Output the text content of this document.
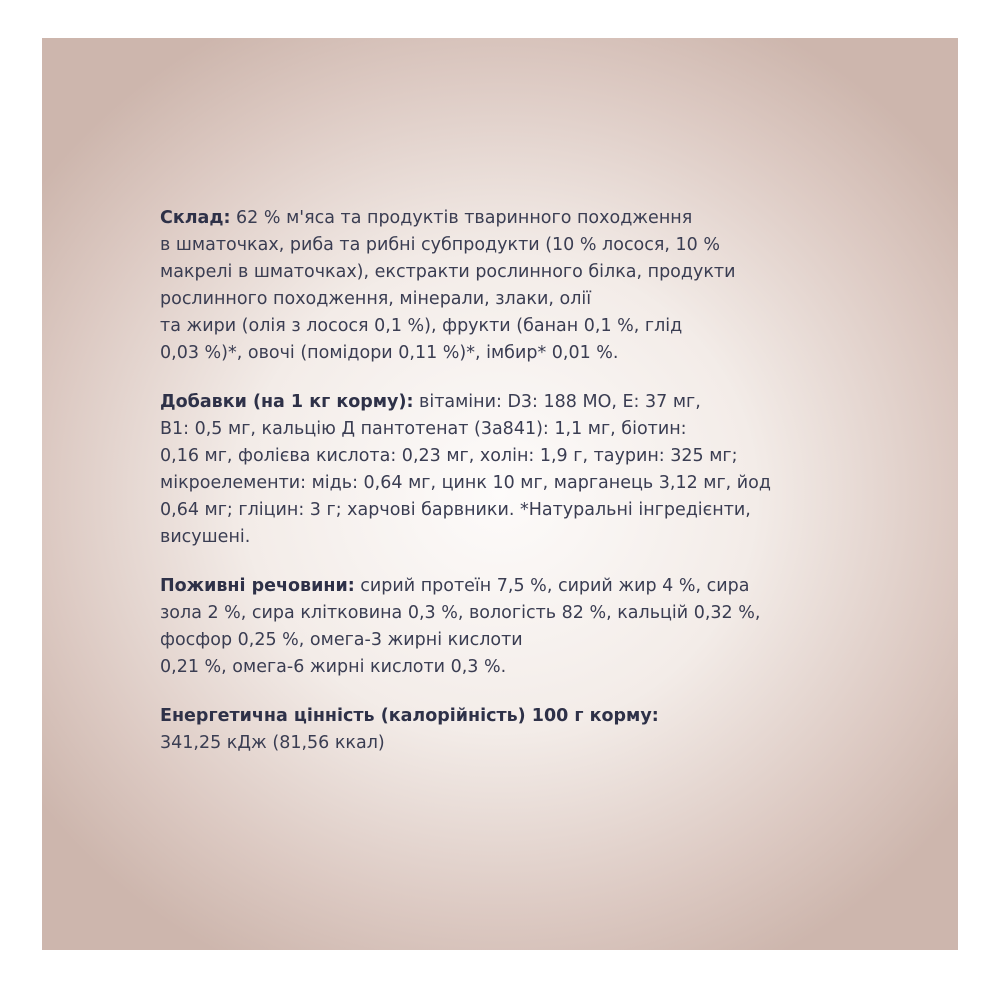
Склад: 62 % м'яса та продуктів тваринного походження
в шматочках, риба та рибні субпродукти (10 % лосося, 10 %
макрелі в шматочках), екстракти рослинного білка, продукти
рослинного походження, мінерали, злаки, олії
та жири (олія з лосося 0,1 %), фрукти (банан 0,1 %, глід
0,03 %)*, овочі (помідори 0,11 %)*, імбир* 0,01 %.
Добавки (на 1 кг корму): вітаміни: D3: 188 МО, Е: 37 мг,
B1: 0,5 мг, кальцію Д пантотенат (3а841): 1,1 мг, біотин:
0,16 мг, фолієва кислота: 0,23 мг, холін: 1,9 г, таурин: 325 мг;
мікроелементи: мідь: 0,64 мг, цинк 10 мг, марганець 3,12 мг, йод
0,64 мг; гліцин: 3 г; харчові барвники. *Натуральні інгредієнти,
висушені.
Поживні речовини: сирий протеїн 7,5 %, сирий жир 4 %, сира
зола 2 %, сира клітковина 0,3 %, вологість 82 %, кальцій 0,32 %,
фосфор 0,25 %, омега-3 жирні кислоти
0,21 %, омега-6 жирні кислоти 0,3 %.
Енергетична цінність (калорійність) 100 г корму:
341,25 кДж (81,56 ккал)
